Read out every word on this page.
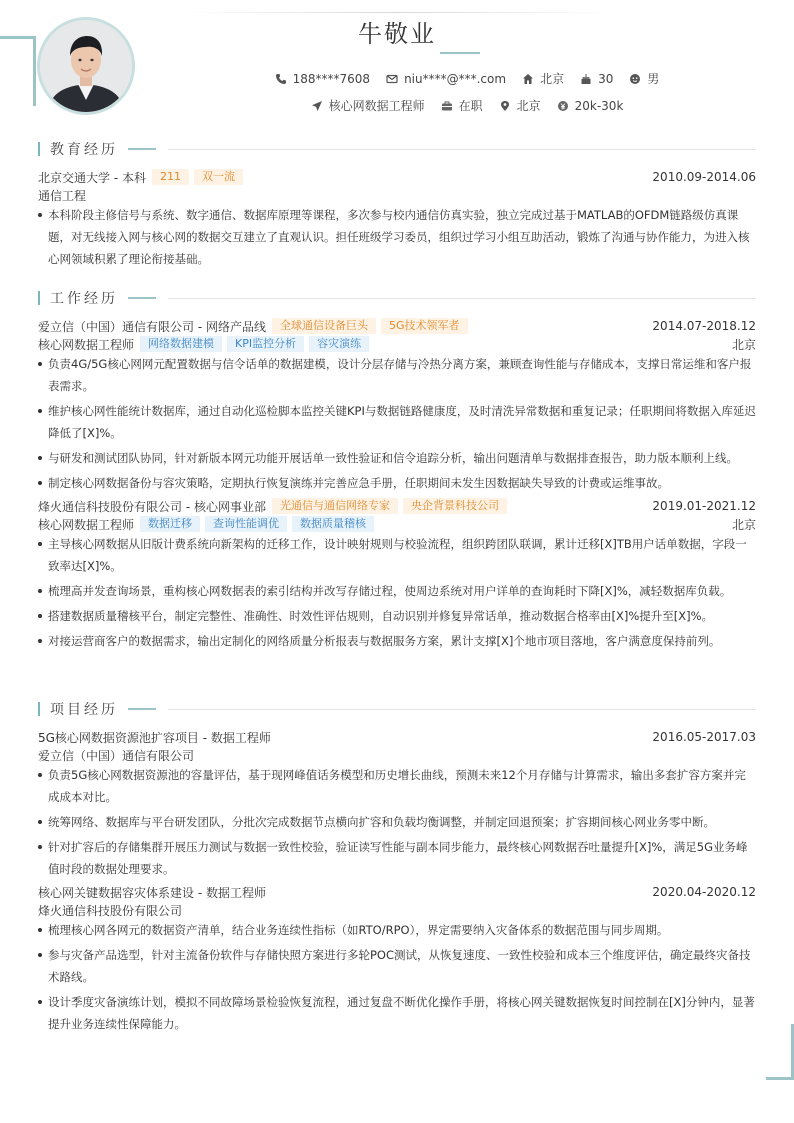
牛敬业
188****7608	niu****@***.com	北京	30	男
核心网数据工程师	在职	北京	20k-30k
教育经历
北京交通大学 - 本科	211	双一流	2010.09-2014.06
通信工程
本科阶段主修信号与系统、数字通信、数据库原理等课程，多次参与校内通信仿真实验，独立完成过基于MATLAB的OFDM链路级仿真课题，对无线接入网与核心网的数据交互建立了直观认识。担任班级学习委员，组织过学习小组互助活动，锻炼了沟通与协作能力，为进入核心网领域积累了理论衔接基础。
工作经历
爱立信（中国）通信有限公司 - 网络产品线	全球通信设备巨头	5G技术领军者	2014.07-2018.12
核心网数据工程师	网络数据建模	KPI监控分析	容灾演练	北京
负责4G/5G核心网网元配置数据与信令话单的数据建模，设计分层存储与冷热分离方案，兼顾查询性能与存储成本，支撑日常运维和客户报表需求。
维护核心网性能统计数据库，通过自动化巡检脚本监控关键KPI与数据链路健康度，及时清洗异常数据和重复记录；任职期间将数据入库延迟降低了[X]%。
与研发和测试团队协同，针对新版本网元功能开展话单一致性验证和信令追踪分析，输出问题清单与数据排查报告，助力版本顺利上线。
制定核心网数据备份与容灾策略，定期执行恢复演练并完善应急手册，任职期间未发生因数据缺失导致的计费或运维事故。
烽火通信科技股份有限公司 - 核心网事业部	光通信与通信网络专家	央企背景科技公司	2019.01-2021.12
核心网数据工程师	数据迁移	查询性能调优	数据质量稽核	北京
主导核心网数据从旧版计费系统向新架构的迁移工作，设计映射规则与校验流程，组织跨团队联调，累计迁移[X]TB用户话单数据，字段一致率达[X]%。
梳理高并发查询场景，重构核心网数据表的索引结构并改写存储过程，使周边系统对用户详单的查询耗时下降[X]%，减轻数据库负载。
搭建数据质量稽核平台，制定完整性、准确性、时效性评估规则，自动识别并修复异常话单，推动数据合格率由[X]%提升至[X]%。
对接运营商客户的数据需求，输出定制化的网络质量分析报表与数据服务方案，累计支撑[X]个地市项目落地，客户满意度保持前列。
项目经历
5G核心网数据资源池扩容项目 - 数据工程师	2016.05-2017.03
爱立信（中国）通信有限公司
负责5G核心网数据资源池的容量评估，基于现网峰值话务模型和历史增长曲线，预测未来12个月存储与计算需求，输出多套扩容方案并完成成本对比。
统筹网络、数据库与平台研发团队，分批次完成数据节点横向扩容和负载均衡调整，并制定回退预案；扩容期间核心网业务零中断。
针对扩容后的存储集群开展压力测试与数据一致性校验，验证读写性能与副本同步能力，最终核心网数据吞吐量提升[X]%，满足5G业务峰值时段的数据处理要求。
核心网关键数据容灾体系建设 - 数据工程师	2020.04-2020.12
烽火通信科技股份有限公司
梳理核心网各网元的数据资产清单，结合业务连续性指标（如RTO/RPO），界定需要纳入灾备体系的数据范围与同步周期。
参与灾备产品选型，针对主流备份软件与存储快照方案进行多轮POC测试，从恢复速度、一致性校验和成本三个维度评估，确定最终灾备技术路线。
设计季度灾备演练计划，模拟不同故障场景检验恢复流程，通过复盘不断优化操作手册，将核心网关键数据恢复时间控制在[X]分钟内，显著提升业务连续性保障能力。
